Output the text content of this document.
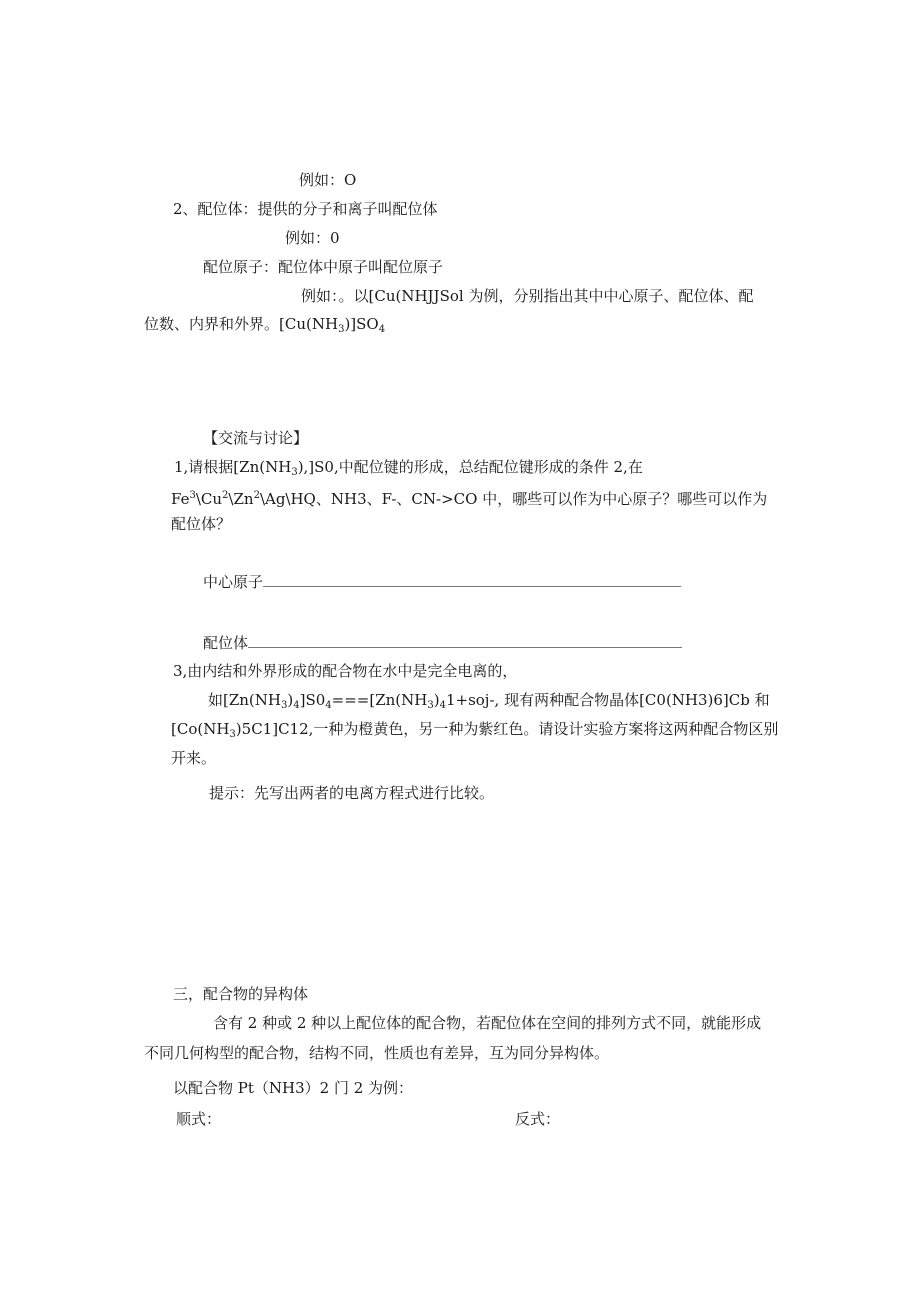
例如：O
2、配位体：提供的分子和离子叫配位体
例如：0
配位原子：配位体中原子叫配位原子
例如：。以[Cu(NHJJSol 为例，分别指出其中中心原子、配位体、配
位数、内界和外界。$[Cu(NH_3)]SO_4$
【交流与讨论】
1,请根据$[Zn(NH_3),]S0$,中配位键的形成，总结配位键形成的条件 2,在
Fe$^3$\Cu$^2$\Zn$^2$\Ag\HQ、NH3、F-、CN->CO 中，哪些可以作为中心原子？哪些可以作为
配位体？
中心原子
配位体
3,由内结和外界形成的配合物在水中是完全电离的，
如$[Zn(NH_3)_4]S0_4===[Zn(NH_3)_41+soj-$, 现有两种配合物晶体[C0(NH3)6]Cb 和
$[Co(NH_3)5C1]C12$,一种为橙黄色，另一种为紫红色。请设计实验方案将这两种配合物区别
开来。
提示：先写出两者的电离方程式进行比较。
三，配合物的异构体
含有 2 种或 2 种以上配位体的配合物，若配位体在空间的排列方式不同，就能形成
不同几何构型的配合物，结构不同，性质也有差异，互为同分异构体。
以配合物 Pt（NH3）2 门 2 为例：
顺式：	反式：
